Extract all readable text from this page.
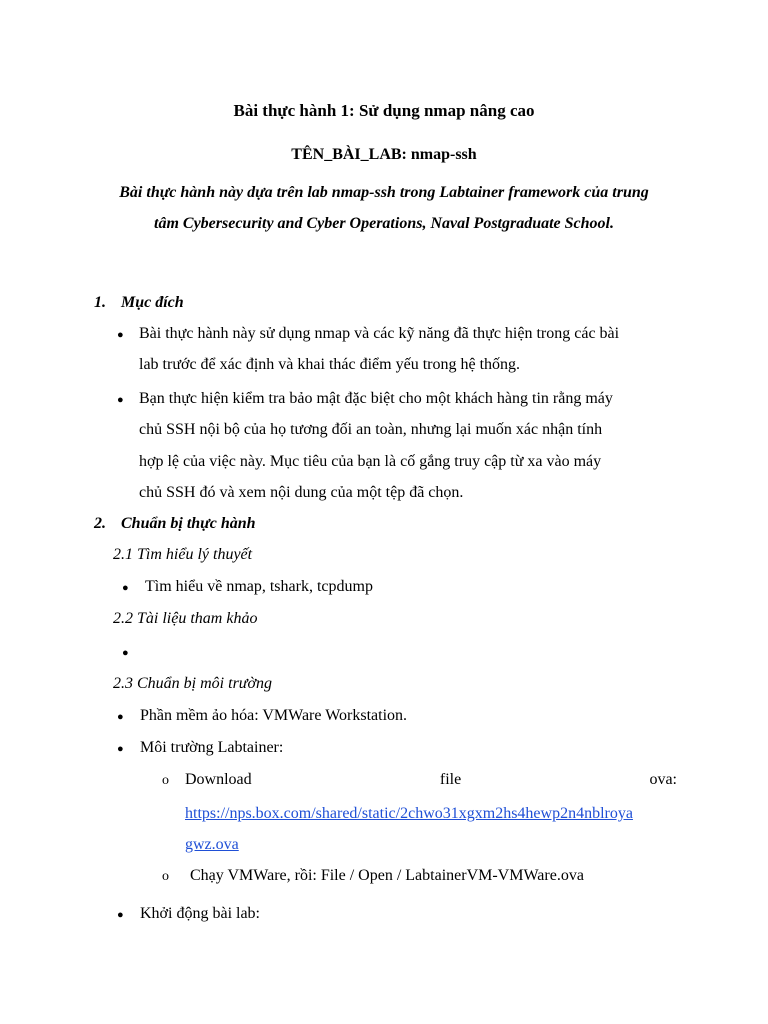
Bài thực hành 1: Sử dụng nmap nâng cao
TÊN_BÀI_LAB: nmap-ssh
Bài thực hành này dựa trên lab nmap-ssh trong Labtainer framework của trung
tâm Cybersecurity and Cyber Operations, Naval Postgraduate School.
1. Mục đích
● Bài thực hành này sử dụng nmap và các kỹ năng đã thực hiện trong các bài
lab trước để xác định và khai thác điểm yếu trong hệ thống.
● Bạn thực hiện kiểm tra bảo mật đặc biệt cho một khách hàng tin rằng máy
chủ SSH nội bộ của họ tương đối an toàn, nhưng lại muốn xác nhận tính
hợp lệ của việc này. Mục tiêu của bạn là cố gắng truy cập từ xa vào máy
chủ SSH đó và xem nội dung của một tệp đã chọn.
2. Chuẩn bị thực hành
2.1 Tìm hiểu lý thuyết
● Tìm hiểu về nmap, tshark, tcpdump
2.2 Tài liệu tham khảo
●
2.3 Chuẩn bị môi trường
● Phần mềm ảo hóa: VMWare Workstation.
● Môi trường Labtainer:
o Download	file	ova:
https://nps.box.com/shared/static/2chwo31xgxm2hs4hewp2n4nblroya
gwz.ova
o Chạy VMWare, rồi: File / Open / LabtainerVM-VMWare.ova
● Khởi động bài lab:
